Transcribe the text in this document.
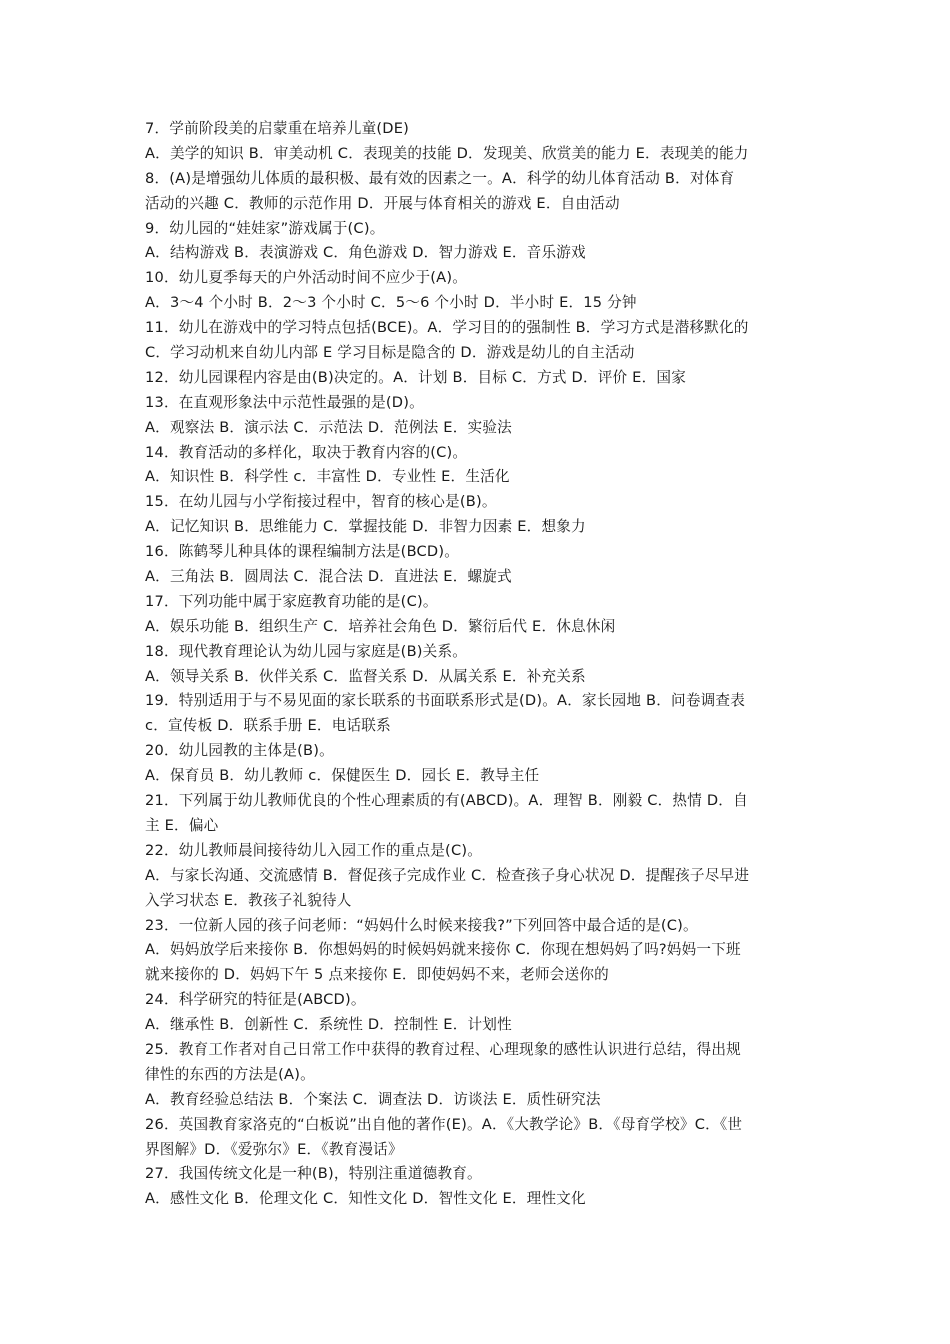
7．学前阶段美的启蒙重在培养儿童(DE)
A．美学的知识 B．审美动机 C．表现美的技能 D．发现美、欣赏美的能力 E．表现美的能力
8．(A)是增强幼儿体质的最积极、最有效的因素之一。A．科学的幼儿体育活动 B．对体育
活动的兴趣 C．教师的示范作用 D．开展与体育相关的游戏 E．自由活动
9．幼儿园的“娃娃家”游戏属于(C)。
A．结构游戏 B．表演游戏 C．角色游戏 D．智力游戏 E．音乐游戏
10．幼儿夏季每天的户外活动时间不应少于(A)。
A．3～4 个小时 B．2～3 个小时 C．5～6 个小时 D．半小时 E．15 分钟
11．幼儿在游戏中的学习特点包括(BCE)。A．学习目的的强制性 B．学习方式是潜移默化的
C．学习动机来自幼儿内部 E 学习目标是隐含的 D．游戏是幼儿的自主活动
12．幼儿园课程内容是由(B)决定的。A．计划 B．目标 C．方式 D．评价 E．国家
13．在直观形象法中示范性最强的是(D)。
A．观察法 B．演示法 C．示范法 D．范例法 E．实验法
14．教育活动的多样化，取决于教育内容的(C)。
A．知识性 B．科学性 c．丰富性 D．专业性 E．生活化
15．在幼儿园与小学衔接过程中，智育的核心是(B)。
A．记忆知识 B．思维能力 C．掌握技能 D．非智力因素 E．想象力
16．陈鹤琴儿种具体的课程编制方法是(BCD)。
A．三角法 B．圆周法 C．混合法 D．直进法 E．螺旋式
17．下列功能中属于家庭教育功能的是(C)。
A．娱乐功能 B．组织生产 C．培养社会角色 D．繁衍后代 E．休息休闲
18．现代教育理论认为幼儿园与家庭是(B)关系。
A．领导关系 B．伙伴关系 C．监督关系 D．从属关系 E．补充关系
19．特别适用于与不易见面的家长联系的书面联系形式是(D)。A．家长园地 B．问卷调查表
c．宣传板 D．联系手册 E．电话联系
20．幼儿园教的主体是(B)。
A．保育员 B．幼儿教师 c．保健医生 D．园长 E．教导主任
21．下列属于幼儿教师优良的个性心理素质的有(ABCD)。A．理智 B．刚毅 C．热情 D．自
主 E．偏心
22．幼儿教师晨间接待幼儿入园工作的重点是(C)。
A．与家长沟通、交流感情 B．督促孩子完成作业 C．检查孩子身心状况 D．提醒孩子尽早进
入学习状态 E．教孩子礼貌待人
23．一位新人园的孩子问老师：“妈妈什么时候来接我?”下列回答中最合适的是(C)。
A．妈妈放学后来接你 B．你想妈妈的时候妈妈就来接你 C．你现在想妈妈了吗?妈妈一下班
就来接你的 D．妈妈下午 5 点来接你 E．即使妈妈不来，老师会送你的
24．科学研究的特征是(ABCD)。
A．继承性 B．创新性 C．系统性 D．控制性 E．计划性
25．教育工作者对自己日常工作中获得的教育过程、心理现象的感性认识进行总结，得出规
律性的东西的方法是(A)。
A．教育经验总结法 B．个案法 C．调查法 D．访谈法 E．质性研究法
26．英国教育家洛克的“白板说”出自他的著作(E)。A．《大教学论》B．《母育学校》C．《世
界图解》D．《爱弥尔》E．《教育漫话》
27．我国传统文化是一种(B)，特别注重道德教育。
A．感性文化 B．伦理文化 C．知性文化 D．智性文化 E．理性文化
